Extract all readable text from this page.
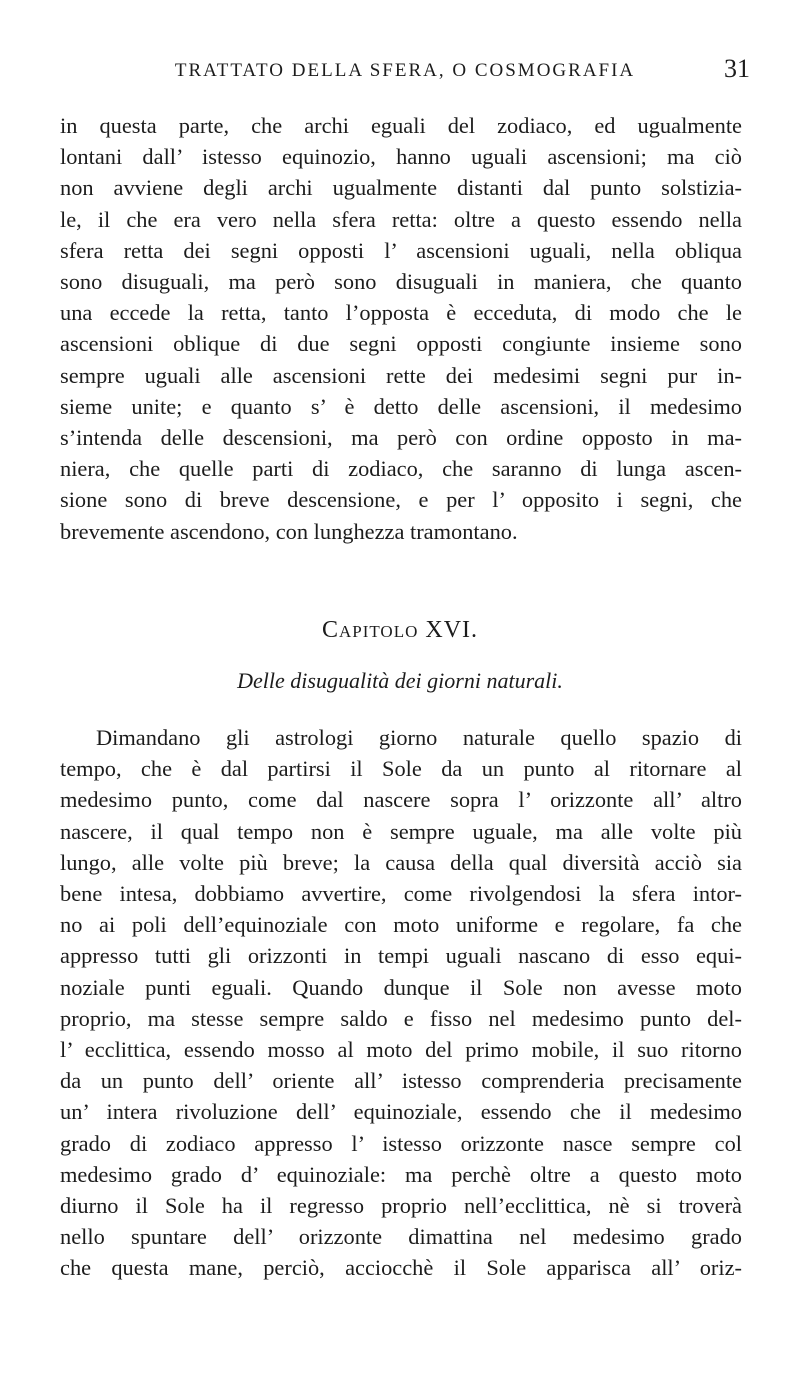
TRATTATO DELLA SFERA, O COSMOGRAFIA	31

in questa parte, che archi eguali del zodiaco, ed ugualmente
lontani dall’ istesso equinozio, hanno uguali ascensioni; ma ciò
non avviene degli archi ugualmente distanti dal punto solstizia-
le, il che era vero nella sfera retta: oltre a questo essendo nella
sfera retta dei segni opposti l’ ascensioni uguali, nella obliqua
sono disuguali, ma però sono disuguali in maniera, che quanto
una eccede la retta, tanto l’opposta è ecceduta, di modo che le
ascensioni oblique di due segni opposti congiunte insieme sono
sempre uguali alle ascensioni rette dei medesimi segni pur in-
sieme unite; e quanto s’ è detto delle ascensioni, il medesimo
s’intenda delle descensioni, ma però con ordine opposto in ma-
niera, che quelle parti di zodiaco, che saranno di lunga ascen-
sione sono di breve descensione, e per l’ opposito i segni, che
brevemente ascendono, con lunghezza tramontano.

Capitolo XVI.
Delle disugualità dei giorni naturali.

Dimandano gli astrologi giorno naturale quello spazio di
tempo, che è dal partirsi il Sole da un punto al ritornare al
medesimo punto, come dal nascere sopra l’ orizzonte all’ altro
nascere, il qual tempo non è sempre uguale, ma alle volte più
lungo, alle volte più breve; la causa della qual diversità acciò sia
bene intesa, dobbiamo avvertire, come rivolgendosi la sfera intor-
no ai poli dell’equinoziale con moto uniforme e regolare, fa che
appresso tutti gli orizzonti in tempi uguali nascano di esso equi-
noziale punti eguali. Quando dunque il Sole non avesse moto
proprio, ma stesse sempre saldo e fisso nel medesimo punto del-
l’ ecclittica, essendo mosso al moto del primo mobile, il suo ritorno
da un punto dell’ oriente all’ istesso comprenderia precisamente
un’ intera rivoluzione dell’ equinoziale, essendo che il medesimo
grado di zodiaco appresso l’ istesso orizzonte nasce sempre col
medesimo grado d’ equinoziale: ma perchè oltre a questo moto
diurno il Sole ha il regresso proprio nell’ecclittica, nè si troverà
nello spuntare dell’ orizzonte dimattina nel medesimo grado
che questa mane, perciò, acciocchè il Sole apparisca all’ oriz-
